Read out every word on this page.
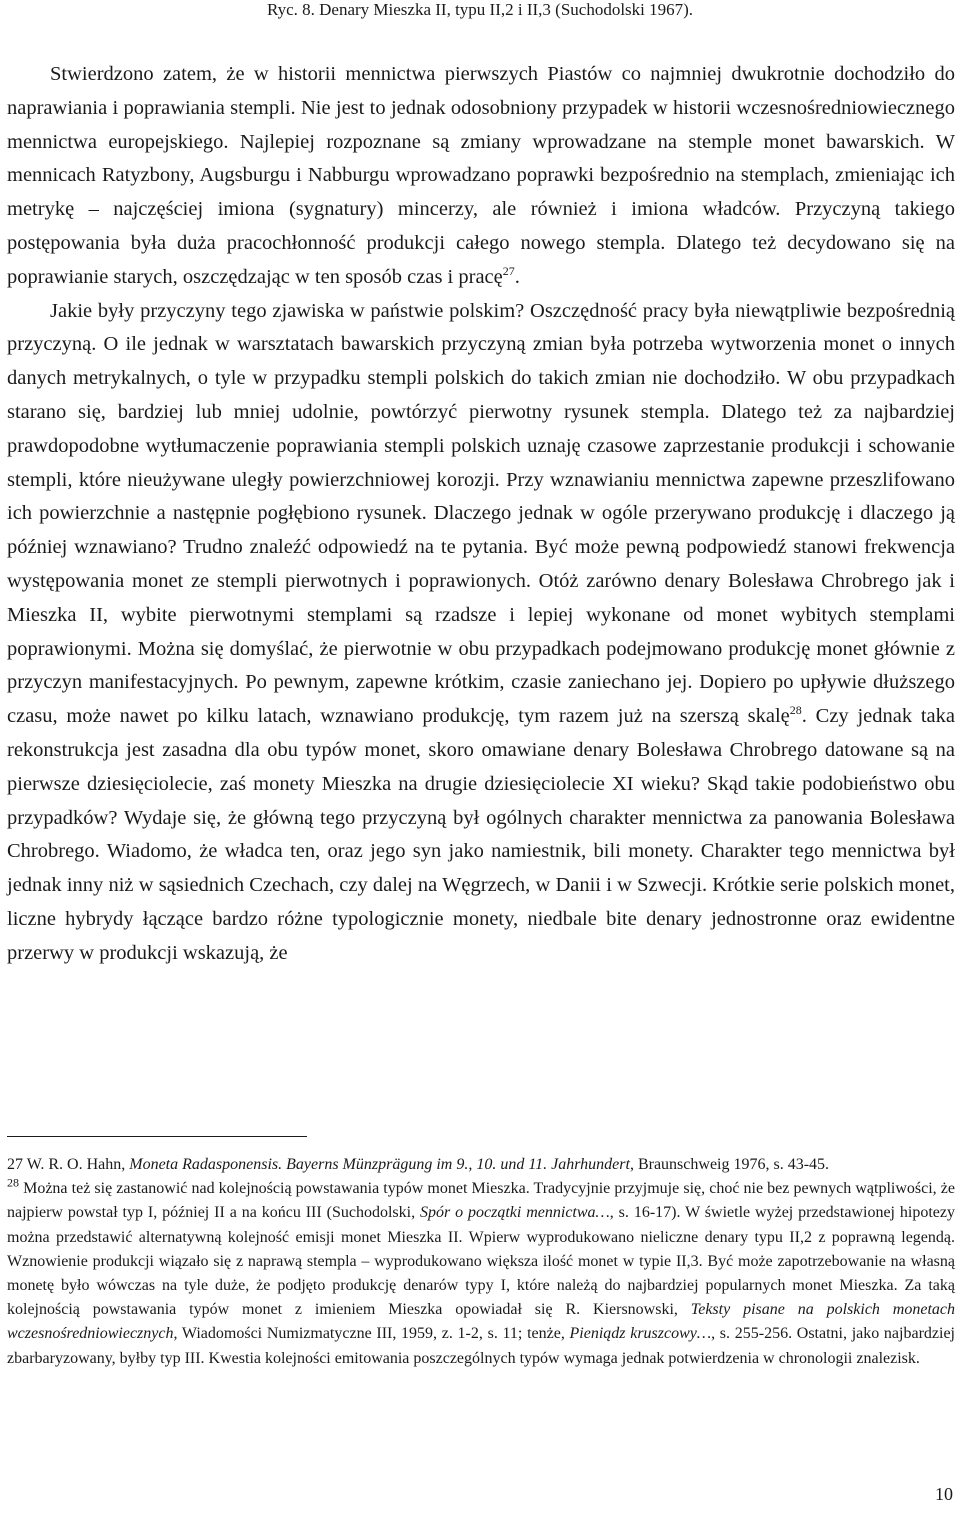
Ryc. 8. Denary Mieszka II, typu II,2 i II,3 (Suchodolski 1967).

Stwierdzono zatem, że w historii mennictwa pierwszych Piastów co najmniej dwukrotnie dochodziło do naprawiania i poprawiania stempli. Nie jest to jednak odosobniony przypadek w historii wczesnośredniowiecznego mennictwa europejskiego. Najlepiej rozpoznane są zmiany wprowadzane na stemple monet bawarskich. W mennicach Ratyzbony, Augsburgu i Nabburgu wprowadzano poprawki bezpośrednio na stemplach, zmieniając ich metrykę – najczęściej imiona (sygnatury) mincerzy, ale również i imiona władców. Przyczyną takiego postępowania była duża pracochłonność produkcji całego nowego stempla. Dlatego też decydowano się na poprawianie starych, oszczędzając w ten sposób czas i pracę$^{27}$.

Jakie były przyczyny tego zjawiska w państwie polskim? Oszczędność pracy była niewątpliwie bezpośrednią przyczyną. O ile jednak w warsztatach bawarskich przyczyną zmian była potrzeba wytworzenia monet o innych danych metrykalnych, o tyle w przypadku stempli polskich do takich zmian nie dochodziło. W obu przypadkach starano się, bardziej lub mniej udolnie, powtórzyć pierwotny rysunek stempla. Dlatego też za najbardziej prawdopodobne wytłumaczenie poprawiania stempli polskich uznaję czasowe zaprzestanie produkcji i schowanie stempli, które nieużywane uległy powierzchniowej korozji. Przy wznawianiu mennictwa zapewne przeszlifowano ich powierzchnie a następnie pogłębiono rysunek. Dlaczego jednak w ogóle przerywano produkcję i dlaczego ją później wznawiano? Trudno znaleźć odpowiedź na te pytania. Być może pewną podpowiedź stanowi frekwencja występowania monet ze stempli pierwotnych i poprawionych. Otóż zarówno denary Bolesława Chrobrego jak i Mieszka II, wybite pierwotnymi stemplami są rzadsze i lepiej wykonane od monet wybitych stemplami poprawionymi. Można się domyślać, że pierwotnie w obu przypadkach podejmowano produkcję monet głównie z przyczyn manifestacyjnych. Po pewnym, zapewne krótkim, czasie zaniechano jej. Dopiero po upływie dłuższego czasu, może nawet po kilku latach, wznawiano produkcję, tym razem już na szerszą skalę$^{28}$. Czy jednak taka rekonstrukcja jest zasadna dla obu typów monet, skoro omawiane denary Bolesława Chrobrego datowane są na pierwsze dziesięciolecie, zaś monety Mieszka na drugie dziesięciolecie XI wieku? Skąd takie podobieństwo obu przypadków? Wydaje się, że główną tego przyczyną był ogólnych charakter mennictwa za panowania Bolesława Chrobrego. Wiadomo, że władca ten, oraz jego syn jako namiestnik, bili monety. Charakter tego mennictwa był jednak inny niż w sąsiednich Czechach, czy dalej na Węgrzech, w Danii i w Szwecji. Krótkie serie polskich monet, liczne hybrydy łączące bardzo różne typologicznie monety, niedbale bite denary jednostronne oraz ewidentne przerwy w produkcji wskazują, że

27 W. R. O. Hahn, Moneta Radasponensis. Bayerns Münzprägung im 9., 10. und 11. Jahrhundert, Braunschweig 1976, s. 43-45.

$^{28}$ Można też się zastanowić nad kolejnością powstawania typów monet Mieszka. Tradycyjnie przyjmuje się, choć nie bez pewnych wątpliwości, że najpierw powstał typ I, później II a na końcu III (Suchodolski, Spór o początki mennictwa…, s. 16-17). W świetle wyżej przedstawionej hipotezy można przedstawić alternatywną kolejność emisji monet Mieszka II. Wpierw wyprodukowano nieliczne denary typu II,2 z poprawną legendą. Wznowienie produkcji wiązało się z naprawą stempla – wyprodukowano większa ilość monet w typie II,3. Być może zapotrzebowanie na własną monetę było wówczas na tyle duże, że podjęto produkcję denarów typy I, które należą do najbardziej popularnych monet Mieszka. Za taką kolejnością powstawania typów monet z imieniem Mieszka opowiadał się R. Kiersnowski, Teksty pisane na polskich monetach wczesnośredniowiecznych, Wiadomości Numizmatyczne III, 1959, z. 1-2, s. 11; tenże, Pieniądz kruszcowy…, s. 255-256. Ostatni, jako najbardziej zbarbaryzowany, byłby typ III. Kwestia kolejności emitowania poszczególnych typów wymaga jednak potwierdzenia w chronologii znalezisk.

10
